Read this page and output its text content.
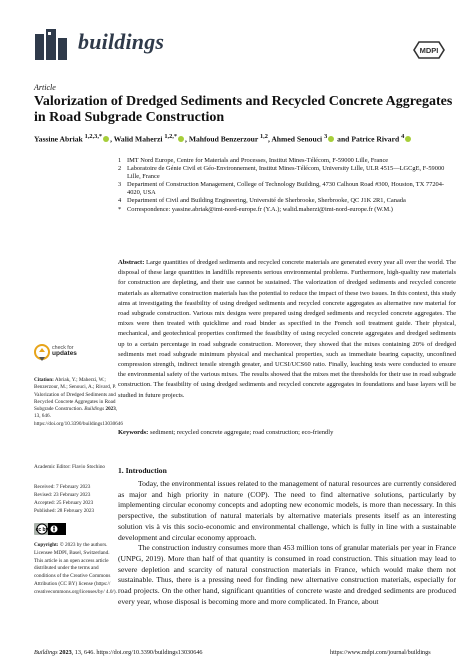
buildings	MDPI
Article
Valorization of Dredged Sediments and Recycled Concrete Aggregates in Road Subgrade Construction
Yassine Abriak $^{1,2,3,*}$ , Walid Maherzi $^{1,2,*}$ , Mahfoud Benzerzour $^{1,2}$, Ahmed Senouci $^3$ and Patrice Rivard $^4$
1 IMT Nord Europe, Centre for Materials and Processes, Institut Mines-Télécom, F-59000 Lille, France
2 Laboratoire de Génie Civil et Géo-Environnement, Institut Mines-Télécom, University Lille, ULR 4515—LGCgE, F-59000 Lille, France
3 Department of Construction Management, College of Technology Building, 4730 Calhoun Road #300, Houston, TX 77204-4020, USA
4 Department of Civil and Building Engineering, Université de Sherbrooke, Sherbrooke, QC J1K 2R1, Canada
* Correspondence: yassine.abriak@imt-nord-europe.fr (Y.A.); walid.maherzi@imt-nord-europe.fr (W.M.)
Abstract: Large quantities of dredged sediments and recycled concrete materials are generated every year all over the world. The disposal of these large quantities in landfills represents serious environmental problems. Furthermore, high-quality raw materials for construction are depleting, and their use cannot be sustained. The valorization of dredged sediments and recycled concrete materials as alternative construction materials has the potential to reduce the impact of these two issues. In this context, this study aims at investigating the feasibility of using dredged sediments and recycled concrete aggregates as alternative raw material for road subgrade construction. Various mix designs were prepared using dredged sediments and recycled concrete aggregates. The mixes were then treated with quicklime and road binder as specified in the French soil treatment guide. Their physical, mechanical, and geotechnical properties confirmed the feasibility of using recycled concrete aggregates and dredged sediments up to a certain percentage in road subgrade construction. Moreover, they showed that the mixes containing 20% of dredged sediments met road subgrade minimum physical and mechanical properties, such as immediate bearing capacity, unconfined compression strength, indirect tensile strength greater, and UCSI/UCS60 ratio. Finally, leaching tests were conducted to ensure the environmental safety of the various mixes. The results showed that the mixes met the thresholds for their use in road subgrade construction. The feasibility of using dredged sediments and recycled concrete aggregates in foundations and base layers will be studied in future projects.
Keywords: sediment; recycled concrete aggregate; road construction; eco-friendly
check for
updates
Citation: Abriak, Y.; Maherzi, W.; Benzerzour, M.; Senouci, A.; Rivard, P. Valorization of Dredged Sediments and Recycled Concrete Aggregates in Road Subgrade Construction. Buildings 2023, 13, 646. https://doi.org/10.3390/buildings13030646
Academic Editor: Flavio Stochino
Received: 7 February 2023
Revised: 23 February 2023
Accepted: 25 February 2023
Published: 28 February 2023
cc by
Copyright: © 2023 by the authors. Licensee MDPI, Basel, Switzerland. This article is an open access article distributed under the terms and conditions of the Creative Commons Attribution (CC BY) license (https:// creativecommons.org/licenses/by/ 4.0/).
1. Introduction

Today, the environmental issues related to the management of natural resources are currently considered as major and high priority in nature (COP). The need to find alternative solutions, particularly by implementing circular economy concepts and adopting new economic models, is more than necessary. In this perspective, the substitution of natural materials by alternative materials presents itself as an interesting solution vis à vis this socio-economic and environmental challenge, which is fully in line with a sustainable development and circular economy approach.

The construction industry consumes more than 453 million tons of granular materials per year in France (UNPG, 2019). More than half of that quantity is consumed in road construction. This situation may lead to severe depletion and scarcity of natural construction materials in France, which would make them not sustainable. Thus, there is a pressing need for finding new alternative construction materials, especially for road projects. On the other hand, significant quantities of concrete waste and dredged sediments are produced every year, whose disposal is becoming more and more complicated. In France, about

Buildings 2023, 13, 646. https://doi.org/10.3390/buildings13030646	https://www.mdpi.com/journal/buildings
